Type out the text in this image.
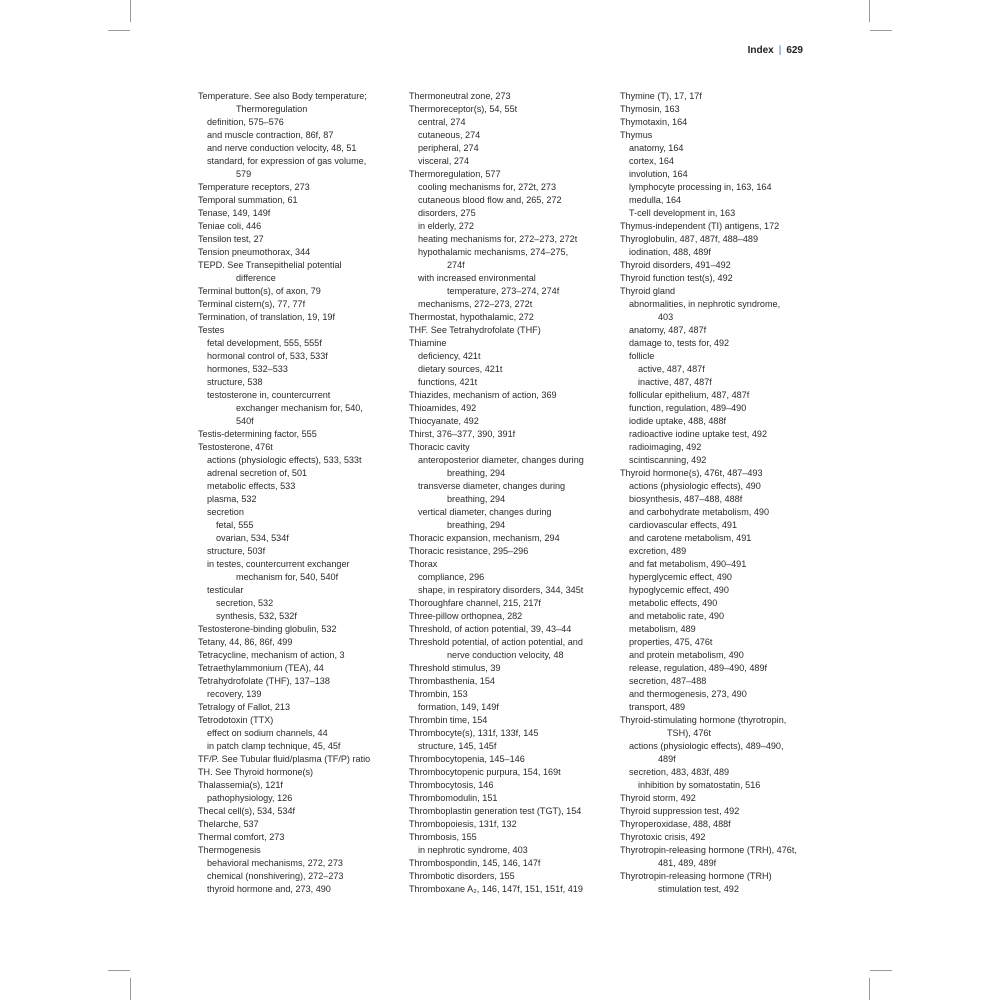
Index | 629
Temperature. See also Body temperature;
Thermoregulation
definition, 575–576
and muscle contraction, 86f, 87
and nerve conduction velocity, 48, 51
standard, for expression of gas volume,
579
Temperature receptors, 273
Temporal summation, 61
Tenase, 149, 149f
Teniae coli, 446
Tensilon test, 27
Tension pneumothorax, 344
TEPD. See Transepithelial potential
difference
Terminal button(s), of axon, 79
Terminal cistern(s), 77, 77f
Termination, of translation, 19, 19f
Testes
fetal development, 555, 555f
hormonal control of, 533, 533f
hormones, 532–533
structure, 538
testosterone in, countercurrent
exchanger mechanism for, 540,
540f
Testis-determining factor, 555
Testosterone, 476t
actions (physiologic effects), 533, 533t
adrenal secretion of, 501
metabolic effects, 533
plasma, 532
secretion
fetal, 555
ovarian, 534, 534f
structure, 503f
in testes, countercurrent exchanger
mechanism for, 540, 540f
testicular
secretion, 532
synthesis, 532, 532f
Testosterone-binding globulin, 532
Tetany, 44, 86, 86f, 499
Tetracycline, mechanism of action, 3
Tetraethylammonium (TEA), 44
Tetrahydrofolate (THF), 137–138
recovery, 139
Tetralogy of Fallot, 213
Tetrodotoxin (TTX)
effect on sodium channels, 44
in patch clamp technique, 45, 45f
TF/P. See Tubular fluid/plasma (TF/P) ratio
TH. See Thyroid hormone(s)
Thalassemia(s), 121f
pathophysiology, 126
Thecal cell(s), 534, 534f
Thelarche, 537
Thermal comfort, 273
Thermogenesis
behavioral mechanisms, 272, 273
chemical (nonshivering), 272–273
thyroid hormone and, 273, 490
Thermoneutral zone, 273
Thermoreceptor(s), 54, 55t
central, 274
cutaneous, 274
peripheral, 274
visceral, 274
Thermoregulation, 577
cooling mechanisms for, 272t, 273
cutaneous blood flow and, 265, 272
disorders, 275
in elderly, 272
heating mechanisms for, 272–273, 272t
hypothalamic mechanisms, 274–275,
274f
with increased environmental
temperature, 273–274, 274f
mechanisms, 272–273, 272t
Thermostat, hypothalamic, 272
THF. See Tetrahydrofolate (THF)
Thiamine
deficiency, 421t
dietary sources, 421t
functions, 421t
Thiazides, mechanism of action, 369
Thioamides, 492
Thiocyanate, 492
Thirst, 376–377, 390, 391f
Thoracic cavity
anteroposterior diameter, changes during
breathing, 294
transverse diameter, changes during
breathing, 294
vertical diameter, changes during
breathing, 294
Thoracic expansion, mechanism, 294
Thoracic resistance, 295–296
Thorax
compliance, 296
shape, in respiratory disorders, 344, 345t
Thoroughfare channel, 215, 217f
Three-pillow orthopnea, 282
Threshold, of action potential, 39, 43–44
Threshold potential, of action potential, and
nerve conduction velocity, 48
Threshold stimulus, 39
Thrombasthenia, 154
Thrombin, 153
formation, 149, 149f
Thrombin time, 154
Thrombocyte(s), 131f, 133f, 145
structure, 145, 145f
Thrombocytopenia, 145–146
Thrombocytopenic purpura, 154, 169t
Thrombocytosis, 146
Thrombomodulin, 151
Thromboplastin generation test (TGT), 154
Thrombopoiesis, 131f, 132
Thrombosis, 155
in nephrotic syndrome, 403
Thrombospondin, 145, 146, 147f
Thrombotic disorders, 155
Thromboxane A₂, 146, 147f, 151, 151f, 419
Thymine (T), 17, 17f
Thymosin, 163
Thymotaxin, 164
Thymus
anatomy, 164
cortex, 164
involution, 164
lymphocyte processing in, 163, 164
medulla, 164
T-cell development in, 163
Thymus-independent (TI) antigens, 172
Thyroglobulin, 487, 487f, 488–489
iodination, 488, 489f
Thyroid disorders, 491–492
Thyroid function test(s), 492
Thyroid gland
abnormalities, in nephrotic syndrome,
403
anatomy, 487, 487f
damage to, tests for, 492
follicle
active, 487, 487f
inactive, 487, 487f
follicular epithelium, 487, 487f
function, regulation, 489–490
iodide uptake, 488, 488f
radioactive iodine uptake test, 492
radioimaging, 492
scintiscanning, 492
Thyroid hormone(s), 476t, 487–493
actions (physiologic effects), 490
biosynthesis, 487–488, 488f
and carbohydrate metabolism, 490
cardiovascular effects, 491
and carotene metabolism, 491
excretion, 489
and fat metabolism, 490–491
hyperglycemic effect, 490
hypoglycemic effect, 490
metabolic effects, 490
and metabolic rate, 490
metabolism, 489
properties, 475, 476t
and protein metabolism, 490
release, regulation, 489–490, 489f
secretion, 487–488
and thermogenesis, 273, 490
transport, 489
Thyroid-stimulating hormone (thyrotropin,
TSH), 476t
actions (physiologic effects), 489–490,
489f
secretion, 483, 483f, 489
inhibition by somatostatin, 516
Thyroid storm, 492
Thyroid suppression test, 492
Thyroperoxidase, 488, 488f
Thyrotoxic crisis, 492
Thyrotropin-releasing hormone (TRH), 476t,
481, 489, 489f
Thyrotropin-releasing hormone (TRH)
stimulation test, 492
